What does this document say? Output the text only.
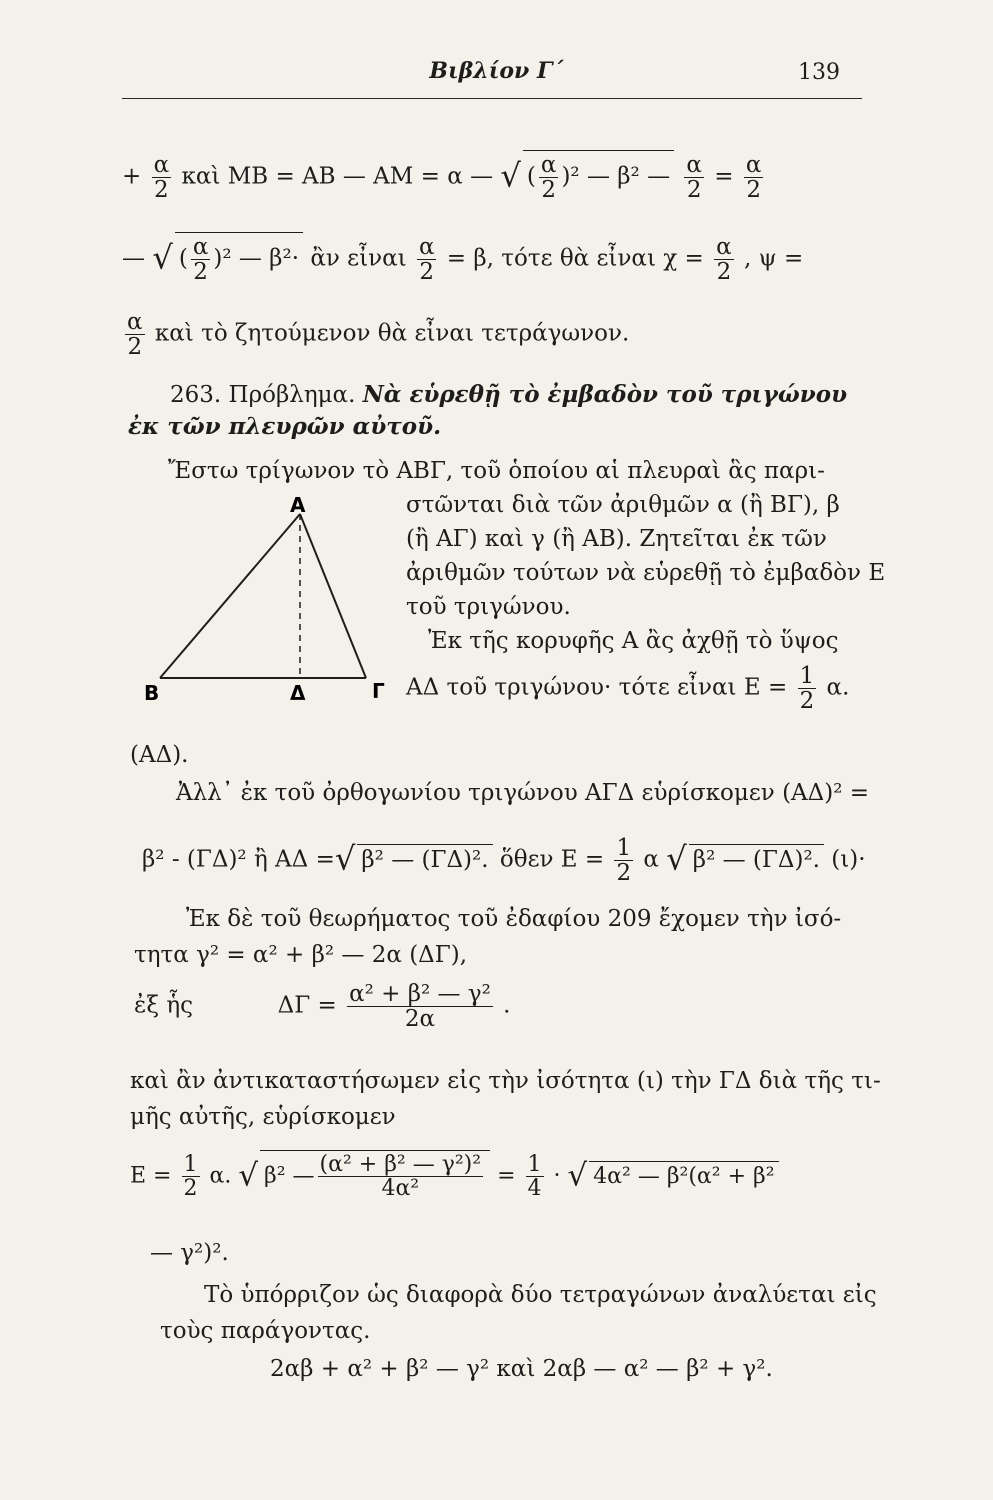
Βιβλίον Γ΄	139
+ $\frac{\alpha}{2}$ καὶ ΜΒ = ΑΒ — ΑΜ = α — √ ( $\frac{\alpha}{2} )^2$ — β² — $\frac{\alpha}{2} = \frac{\alpha}{2}$
— √ ( $\frac{\alpha}{2} )^2$ — β²· ἂν εἶναι $\frac{\alpha}{2} = \beta$, τότε θὰ εἶναι $\chi = \frac{\alpha}{2}$ , ψ =
$\frac{\alpha}{2}$ καὶ τὸ ζητούμενον θὰ εἶναι τετράγωνον.
263. Πρόβλημα. Νὰ εὑρεθῇ τὸ ἐμβαδὸν τοῦ τριγώνου
ἐκ τῶν πλευρῶν αὐτοῦ.
Ἔστω τρίγωνον τὸ ΑΒΓ, τοῦ ὁποίου αἱ πλευραὶ ἃς παρι-
Α
Β	Δ	Γ
στῶνται διὰ τῶν ἀριθμῶν α (ἢ ΒΓ), β
(ἢ ΑΓ) καὶ γ (ἢ ΑΒ). Ζητεῖται ἐκ τῶν
ἀριθμῶν τούτων νὰ εὑρεθῇ τὸ ἐμβαδὸν Ε
τοῦ τριγώνου.
Ἐκ τῆς κορυφῆς Α ἂς ἀχθῇ τὸ ὕψος
ΑΔ τοῦ τριγώνου· τότε εἶναι $E = \frac{1}{2} \alpha$.
(ΑΔ).
Ἀλλ᾽ ἐκ τοῦ ὀρθογωνίου τριγώνου ΑΓΔ εὑρίσκομεν (ΑΔ)² =
β² - (ΓΔ)² ἢ ΑΔ =√ β² — (ΓΔ)². ὅθεν $E = \frac{1}{2}$ α √ β² — (ΓΔ)². (ι)·
Ἐκ δὲ τοῦ θεωρήματος τοῦ ἐδαφίου 209 ἔχομεν τὴν ἰσό-
τητα γ² = α² + β² — 2α (ΔΓ),
ἐξ ἧς	$\Delta\Gamma = \frac{\text{α² + β² — γ²}}{2\alpha}$ .
καὶ ἂν ἀντικαταστήσωμεν εἰς τὴν ἰσότητα (ι) τὴν ΓΔ διὰ τῆς τι-
μῆς αὐτῆς, εὑρίσκομεν
$E = \frac{1}{2} \alpha$. √ β² — $\frac{\text{(α² + β² — γ²)²}}{\text{4α²}} = \frac{1}{4}$ · √ 4α² — β²(α² + β²
— γ²)².
Τὸ ὑπόρριζον ὡς διαφορὰ δύο τετραγώνων ἀναλύεται εἰς
τοὺς παράγοντας.
2αβ + α² + β² — γ² καὶ 2αβ — α² — β² + γ².
